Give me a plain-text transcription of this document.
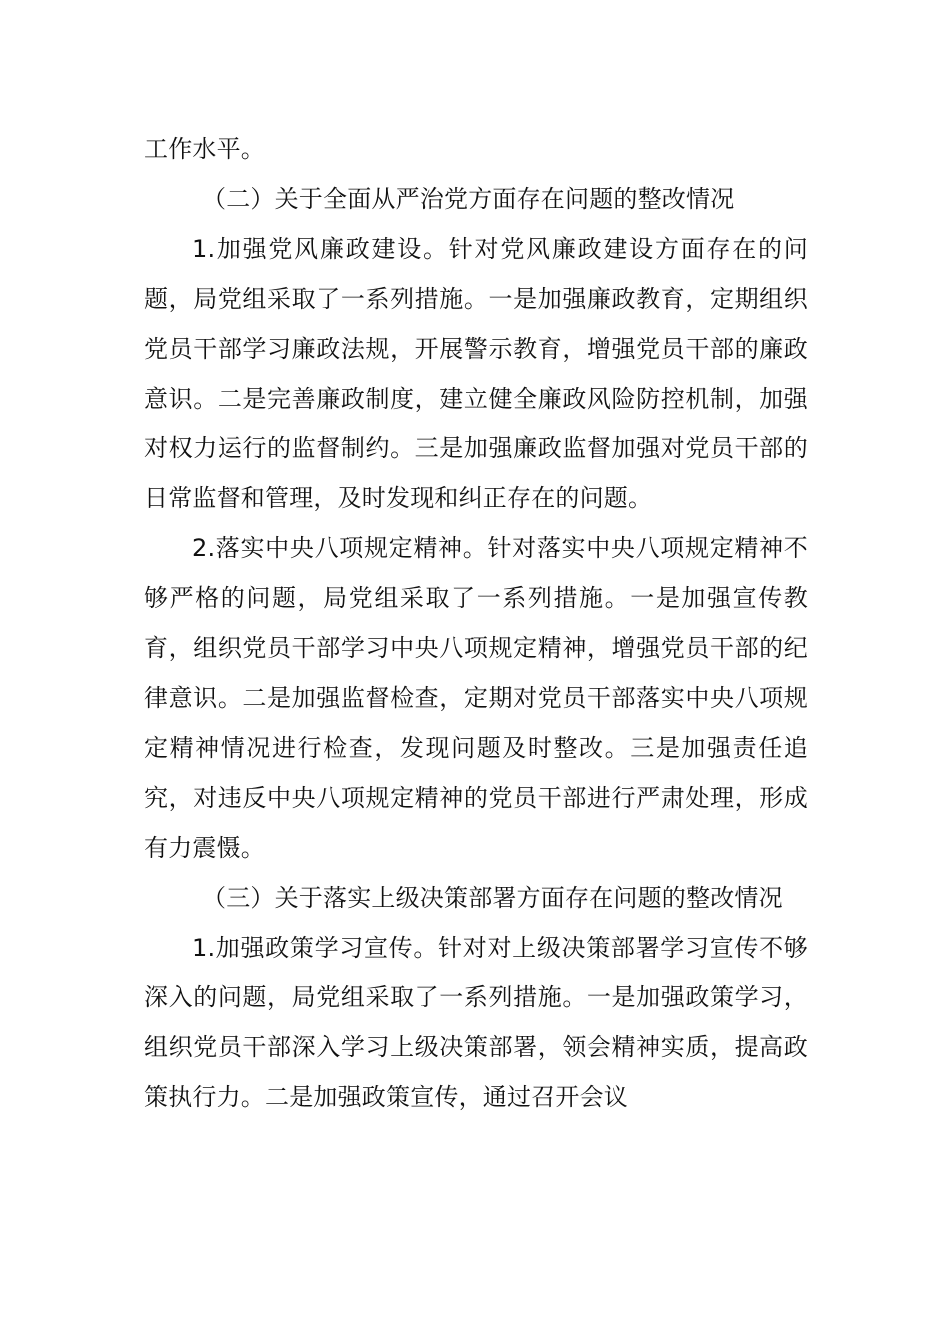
工作水平。

（二）关于全面从严治党方面存在问题的整改情况

1.加强党风廉政建设。针对党风廉政建设方面存在的问题，局党组采取了一系列措施。一是加强廉政教育，定期组织党员干部学习廉政法规，开展警示教育，增强党员干部的廉政意识。二是完善廉政制度，建立健全廉政风险防控机制，加强对权力运行的监督制约。三是加强廉政监督加强对党员干部的日常监督和管理，及时发现和纠正存在的问题。

2.落实中央八项规定精神。针对落实中央八项规定精神不够严格的问题，局党组采取了一系列措施。一是加强宣传教育，组织党员干部学习中央八项规定精神，增强党员干部的纪律意识。二是加强监督检查，定期对党员干部落实中央八项规定精神情况进行检查，发现问题及时整改。三是加强责任追究，对违反中央八项规定精神的党员干部进行严肃处理，形成有力震慑。

（三）关于落实上级决策部署方面存在问题的整改情况

1.加强政策学习宣传。针对对上级决策部署学习宣传不够深入的问题，局党组采取了一系列措施。一是加强政策学习，组织党员干部深入学习上级决策部署，领会精神实质，提高政策执行力。二是加强政策宣传，通过召开会议
